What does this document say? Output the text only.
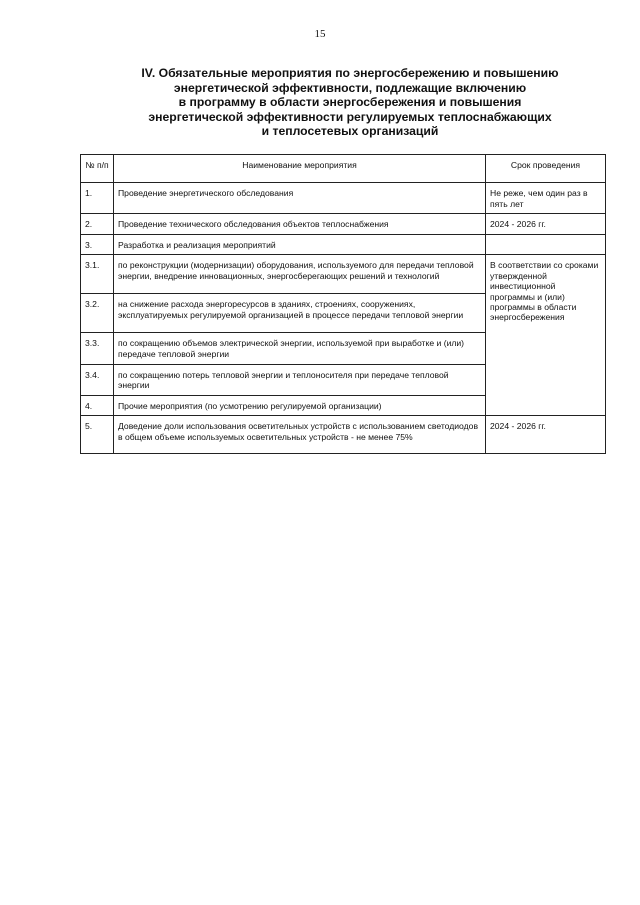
15
IV. Обязательные мероприятия по энергосбережению и повышению
энергетической эффективности, подлежащие включению
в программу в области энергосбережения и повышения
энергетической эффективности регулируемых теплоснабжающих
и теплосетевых организаций
№ п/п	Наименование мероприятия	Срок проведения
1.	Проведение энергетического обследования	Не реже, чем один раз в пять лет
2.	Проведение технического обследования объектов теплоснабжения	2024 - 2026 гг.
3.	Разработка и реализация мероприятий	
3.1.	по реконструкции (модернизации) оборудования, используемого для передачи тепловой энергии, внедрение инновационных, энергосберегающих решений и технологий	В соответствии со сроками утвержденной инвестиционной программы и (или) программы в области энергосбережения
3.2.	на снижение расхода энергоресурсов в зданиях, строениях, сооружениях, эксплуатируемых регулируемой организацией в процессе передачи тепловой энергии	
3.3.	по сокращению объемов электрической энергии, используемой при выработке и (или) передаче тепловой энергии	
3.4.	по сокращению потерь тепловой энергии и теплоносителя при передаче тепловой энергии	
4.	Прочие мероприятия (по усмотрению регулируемой организации)	
5.	Доведение доли использования осветительных устройств с использованием светодиодов в общем объеме используемых осветительных устройств - не менее 75%	2024 - 2026 гг.
